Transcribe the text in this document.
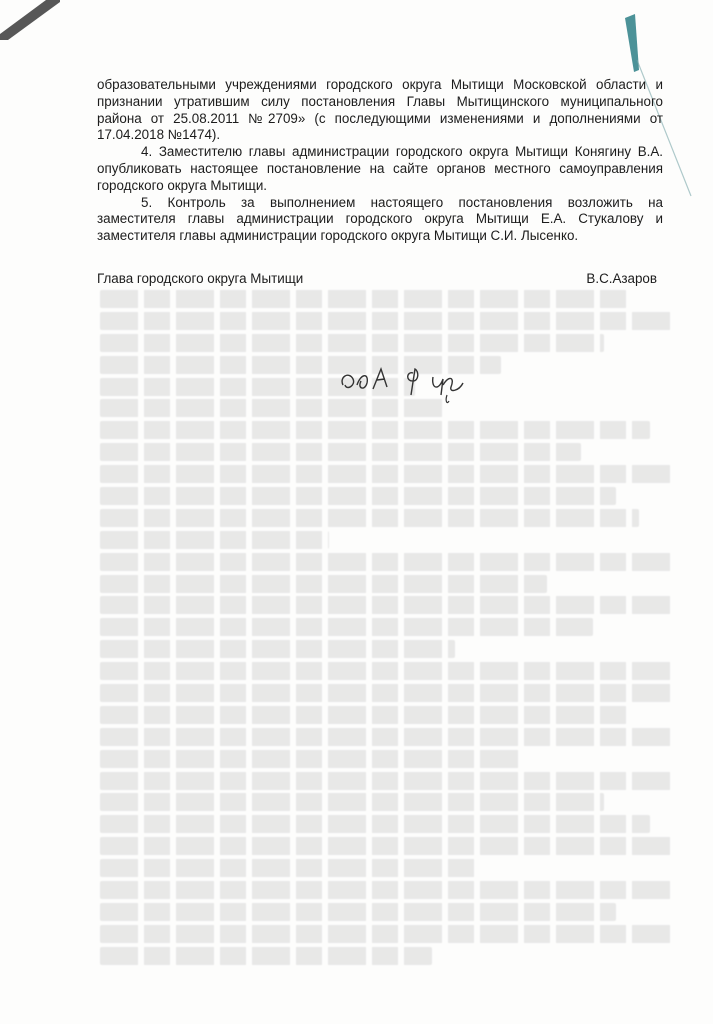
образовательными учреждениями городского округа Мытищи Московской области и признании утратившим силу постановления Главы Мытищинского муниципального района от 25.08.2011 №2709» (с последующими изменениями и дополнениями от 17.04.2018 №1474).

4. Заместителю главы администрации городского округа Мытищи Конягину В.А. опубликовать настоящее постановление на сайте органов местного самоуправления городского округа Мытищи.

5. Контроль за выполнением настоящего постановления возложить на заместителя главы администрации городского округа Мытищи Е.А. Стукалову и заместителя главы администрации городского округа Мытищи С.И. Лысенко.

Глава городского округа Мытищи	В.С.Азаров
